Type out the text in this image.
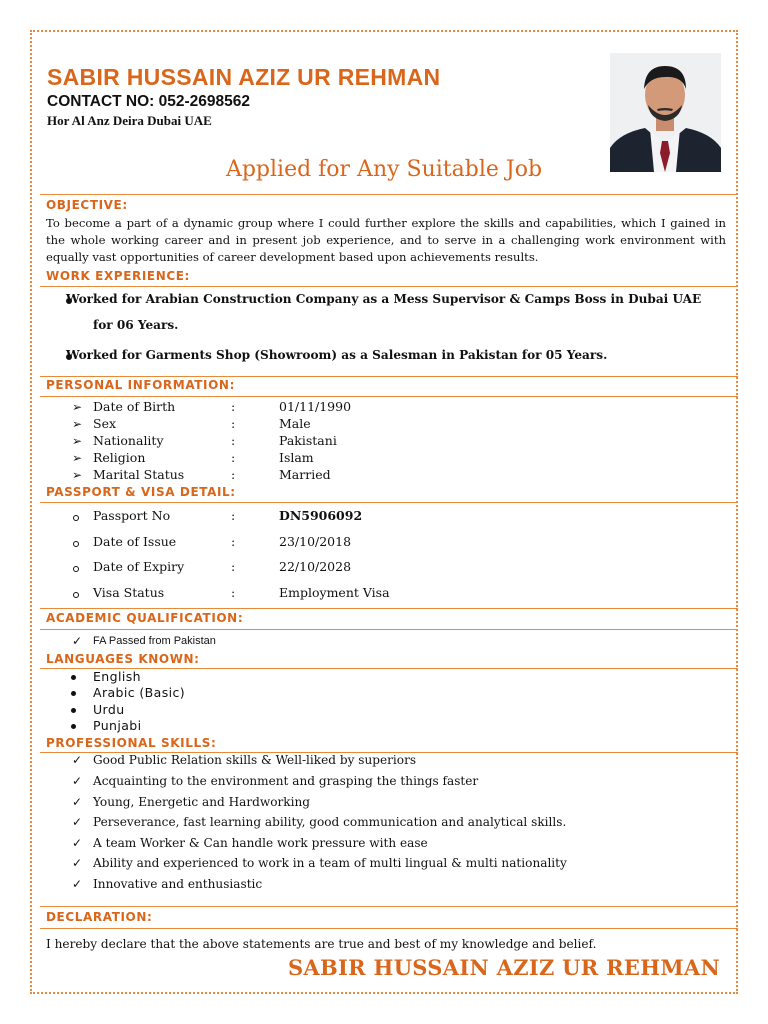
SABIR HUSSAIN AZIZ UR REHMAN
CONTACT NO: 052-2698562
Hor Al Anz Deira Dubai UAE
Applied for Any Suitable Job
OBJECTIVE:
To become a part of a dynamic group where I could further explore the skills and capabilities, which I gained in the whole working career and in present job experience, and to serve in a challenging work environment with equally vast opportunities of career development based upon achievements results.
WORK EXPERIENCE:
Worked for Arabian Construction Company as a Mess Supervisor & Camps Boss in Dubai UAE
for 06 Years.
Worked for Garments Shop (Showroom) as a Salesman in Pakistan for 05 Years.
PERSONAL INFORMATION:
➢ Date of Birth	:	01/11/1990
➢ Sex	:	Male
➢ Nationality	:	Pakistani
➢ Religion	:	Islam
➢ Marital Status	:	Married
PASSPORT & VISA DETAIL:
Passport No	:	DN5906092
Date of Issue	:	23/10/2018
Date of Expiry	:	22/10/2028
Visa Status	:	Employment Visa
ACADEMIC QUALIFICATION:
✓ FA Passed from Pakistan
LANGUAGES KNOWN:
English
Arabic (Basic)
Urdu
Punjabi
PROFESSIONAL SKILLS:
✓ Good Public Relation skills & Well-liked by superiors
✓ Acquainting to the environment and grasping the things faster
✓ Young, Energetic and Hardworking
✓ Perseverance, fast learning ability, good communication and analytical skills.
✓ A team Worker & Can handle work pressure with ease
✓ Ability and experienced to work in a team of multi lingual & multi nationality
✓ Innovative and enthusiastic
DECLARATION:
I hereby declare that the above statements are true and best of my knowledge and belief.
SABIR HUSSAIN AZIZ UR REHMAN
